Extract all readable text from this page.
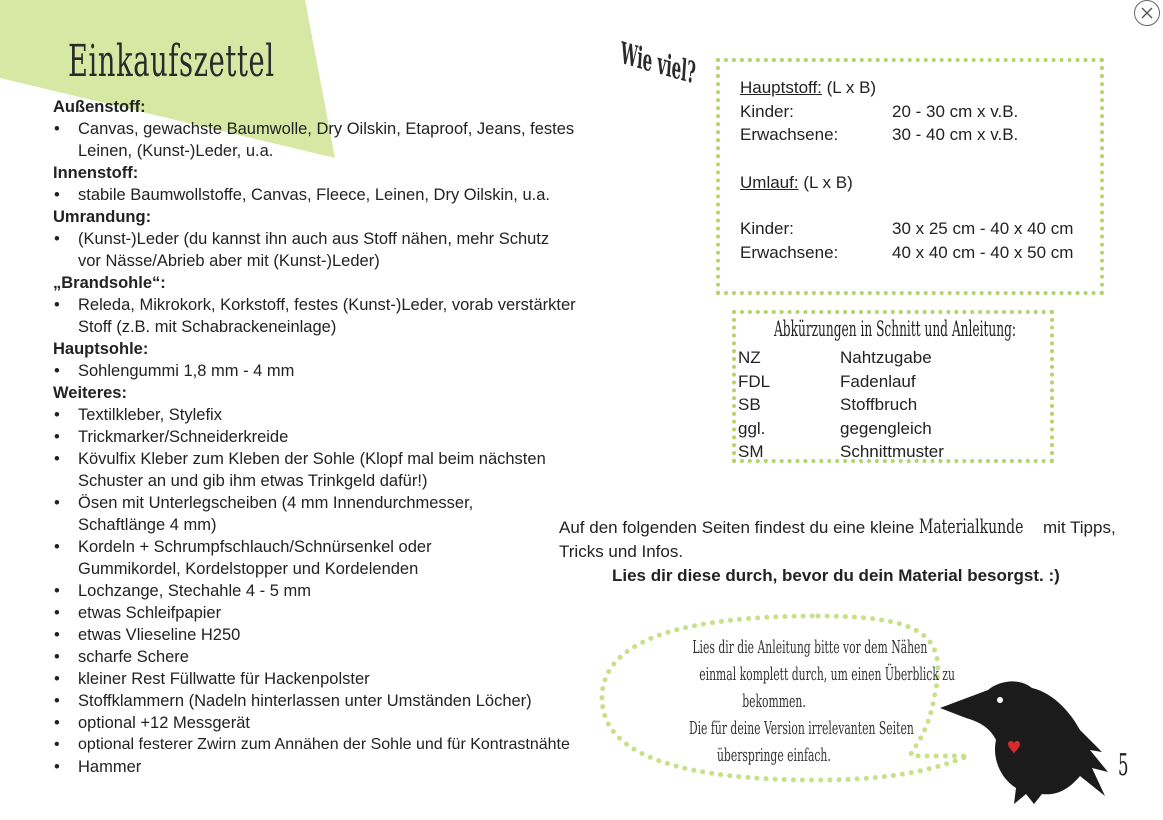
Einkaufszettel

Außenstoff:

• Canvas, gewachste Baumwolle, Dry Oilskin, Etaproof, Jeans, festes Leinen, (Kunst-)Leder, u.a.

Innenstoff:

• stabile Baumwollstoffe, Canvas, Fleece, Leinen, Dry Oilskin, u.a.

Umrandung:

• (Kunst-)Leder (du kannst ihn auch aus Stoff nähen, mehr Schutz vor Nässe/Abrieb aber mit (Kunst-)Leder)

„Brandsohle“:

• Releda, Mikrokork, Korkstoff, festes (Kunst-)Leder, vorab verstärkter Stoff (z.B. mit Schabrackeneinlage)

Hauptsohle:

• Sohlengummi 1,8 mm - 4 mm

Weiteres:

• Textilkleber, Stylefix
• Trickmarker/Schneiderkreide
• Kövulfix Kleber zum Kleben der Sohle (Klopf mal beim nächsten Schuster an und gib ihm etwas Trinkgeld dafür!)
• Ösen mit Unterlegscheiben (4 mm Innendurchmesser, Schaftlänge 4 mm)
• Kordeln + Schrumpfschlauch/Schnürsenkel oder Gummikordel, Kordelstopper und Kordelenden
• Lochzange, Stechahle 4 - 5 mm
• etwas Schleifpapier
• etwas Vlieseline H250
• scharfe Schere
• kleiner Rest Füllwatte für Hackenpolster
• Stoffklammern (Nadeln hinterlassen unter Umständen Löcher)
• optional +12 Messgerät
• optional festerer Zwirn zum Annähen der Sohle und für Kontrastnähte
• Hammer
Wie viel?	Hauptstoff: (L x B)
Kinder:	20 - 30 cm x v.B.
Erwachsene:	30 - 40 cm x v.B.
Umlauf: (L x B)
Kinder:	30 x 25 cm - 40 x 40 cm
Erwachsene:	40 x 40 cm - 40 x 50 cm
Abkürzungen in Schnitt und Anleitung:
NZ	Nahtzugabe
FDL	Fadenlauf
SB	Stoffbruch
ggl.	gegengleich
SM	Schnittmuster
Auf den folgenden Seiten findest du eine kleine Materialkunde mit Tipps, Tricks und Infos.
Lies dir diese durch, bevor du dein Material besorgst. :)
Lies dir die Anleitung bitte vor dem Nähen
einmal komplett durch, um einen Überblick zu
bekommen.
Die für deine Version irrelevanten Seiten
überspringe einfach.	5
